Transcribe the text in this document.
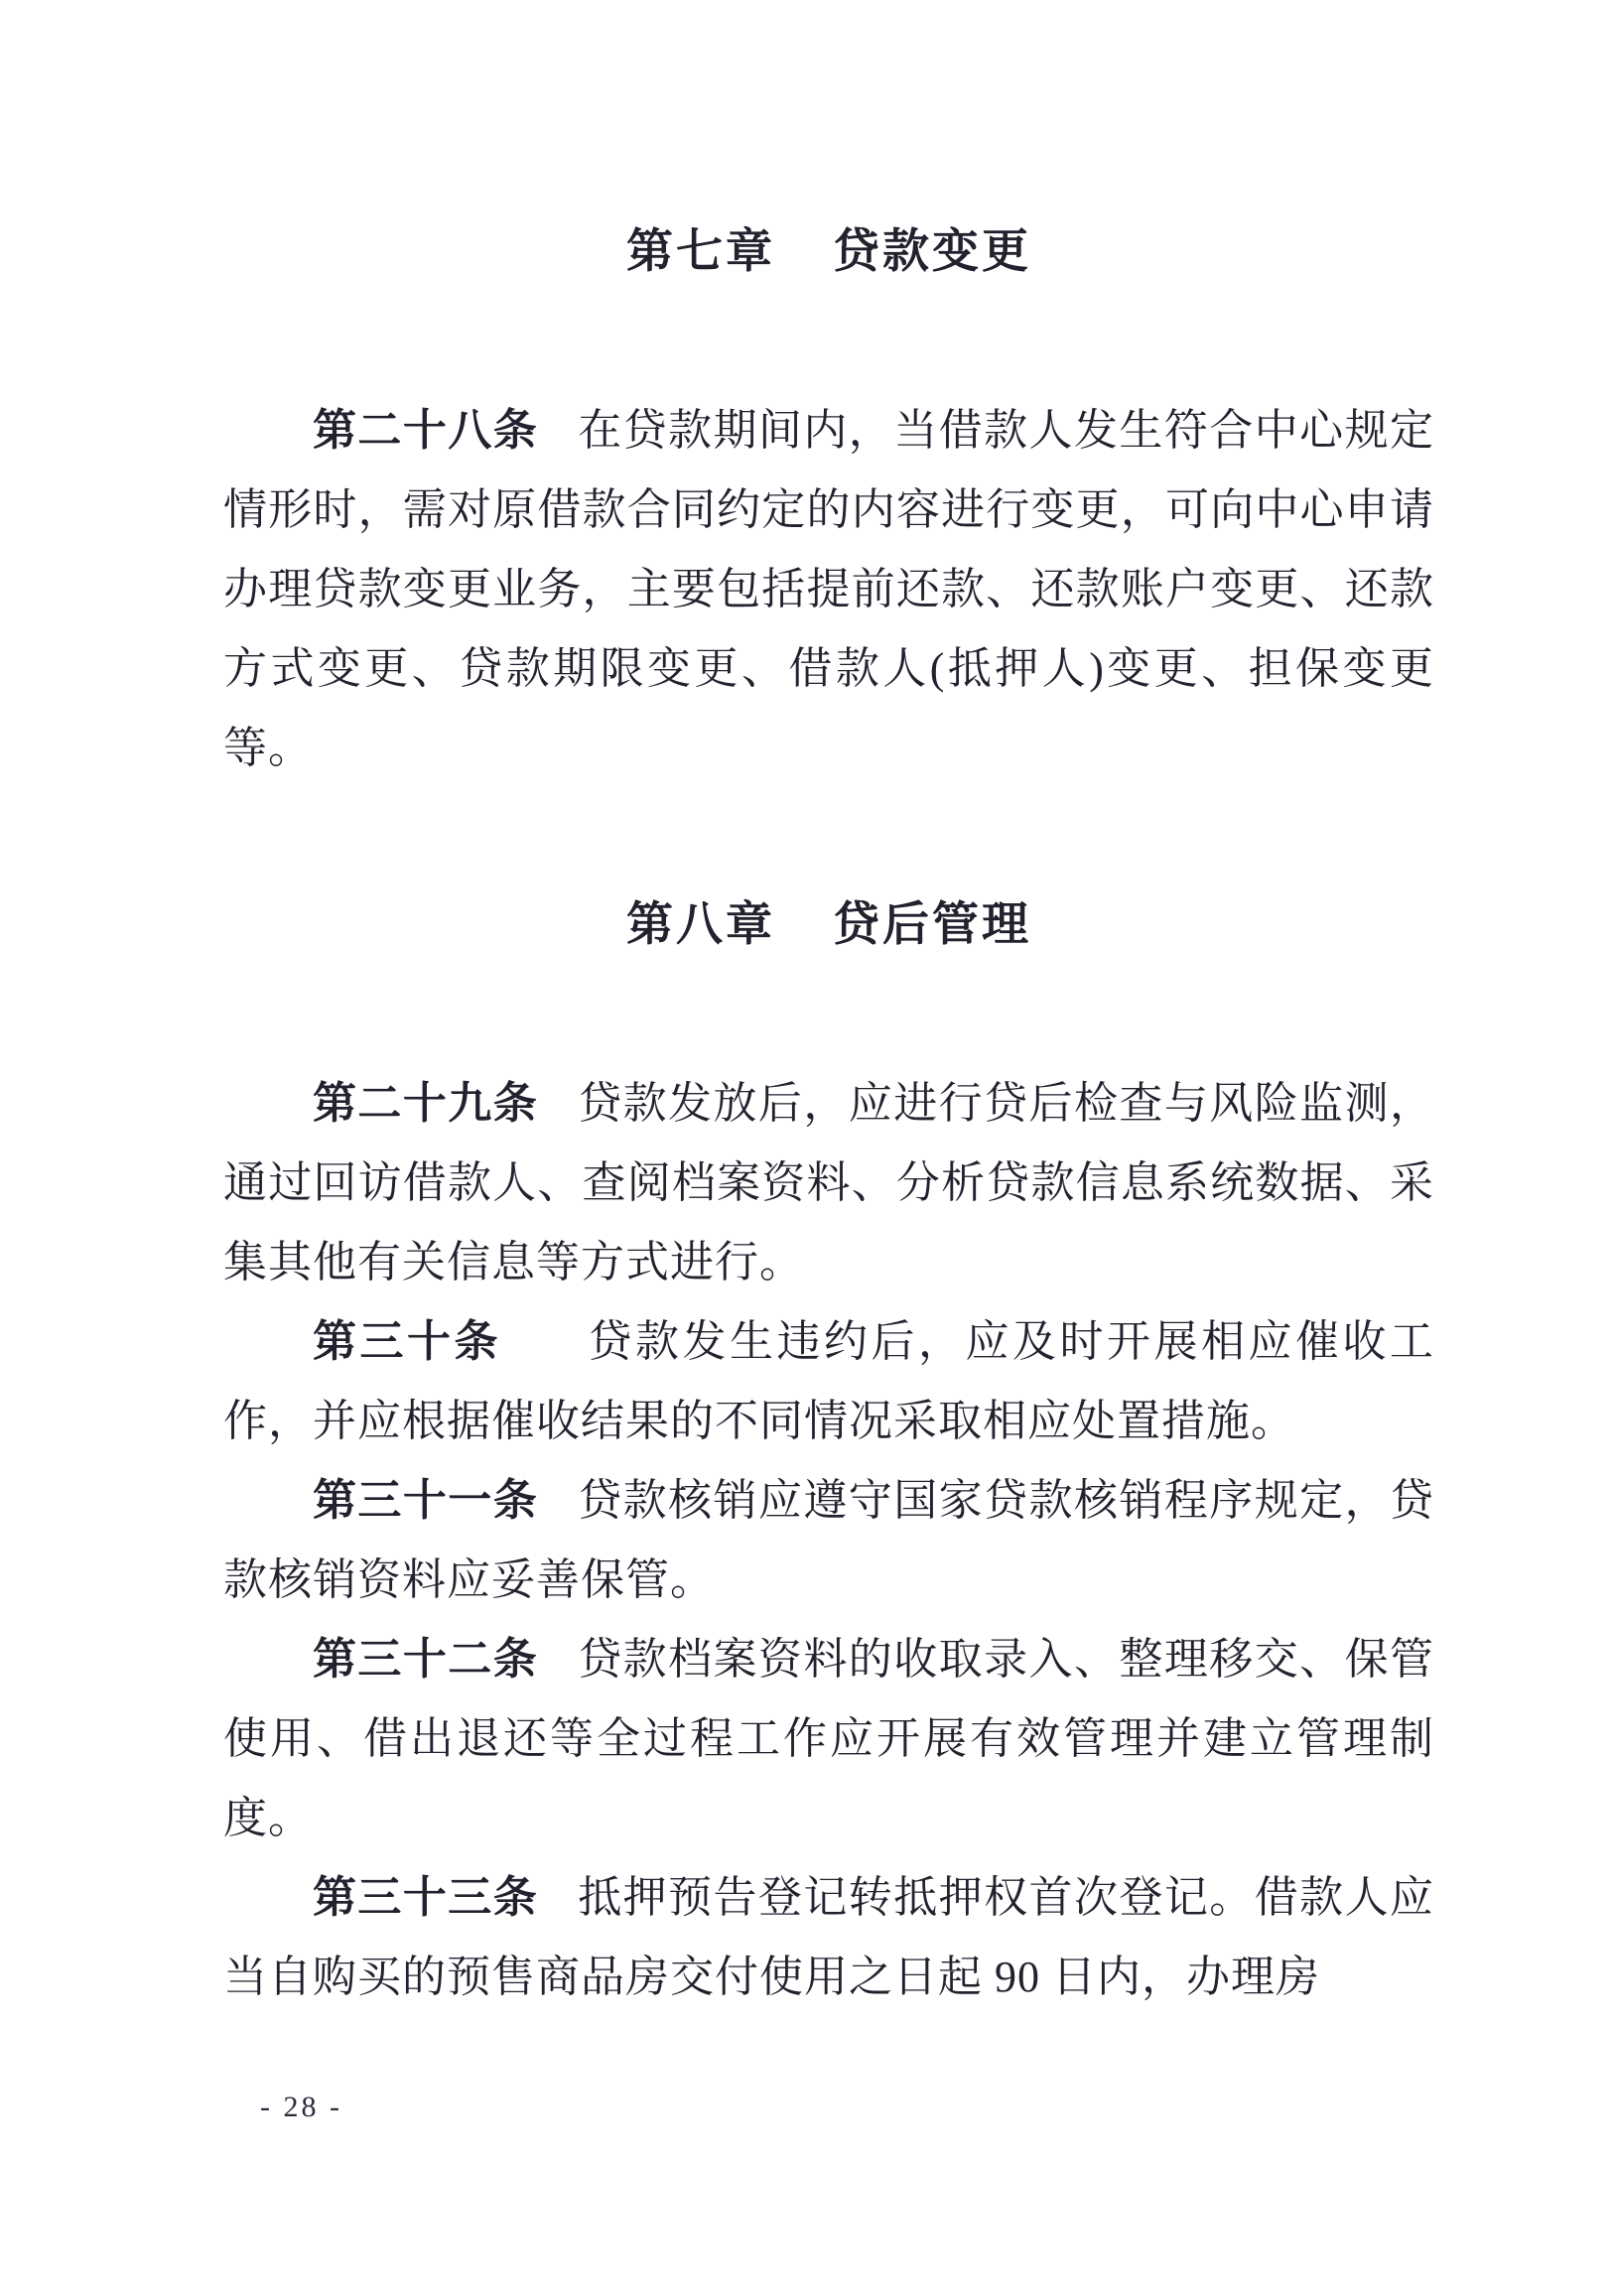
第七章 贷款变更

第二十八条 在贷款期间内，当借款人发生符合中心规定情形时，需对原借款合同约定的内容进行变更，可向中心申请办理贷款变更业务，主要包括提前还款、还款账户变更、还款方式变更、贷款期限变更、借款人(抵押人)变更、担保变更等。

第八章 贷后管理

第二十九条 贷款发放后，应进行贷后检查与风险监测，通过回访借款人、查阅档案资料、分析贷款信息系统数据、采集其他有关信息等方式进行。

第三十条　贷款发生违约后，应及时开展相应催收工作，并应根据催收结果的不同情况采取相应处置措施。

第三十一条 贷款核销应遵守国家贷款核销程序规定，贷款核销资料应妥善保管。

第三十二条 贷款档案资料的收取录入、整理移交、保管使用、借出退还等全过程工作应开展有效管理并建立管理制度。

第三十三条 抵押预告登记转抵押权首次登记。借款人应当自购买的预售商品房交付使用之日起 90 日内，办理房

- 28 -
